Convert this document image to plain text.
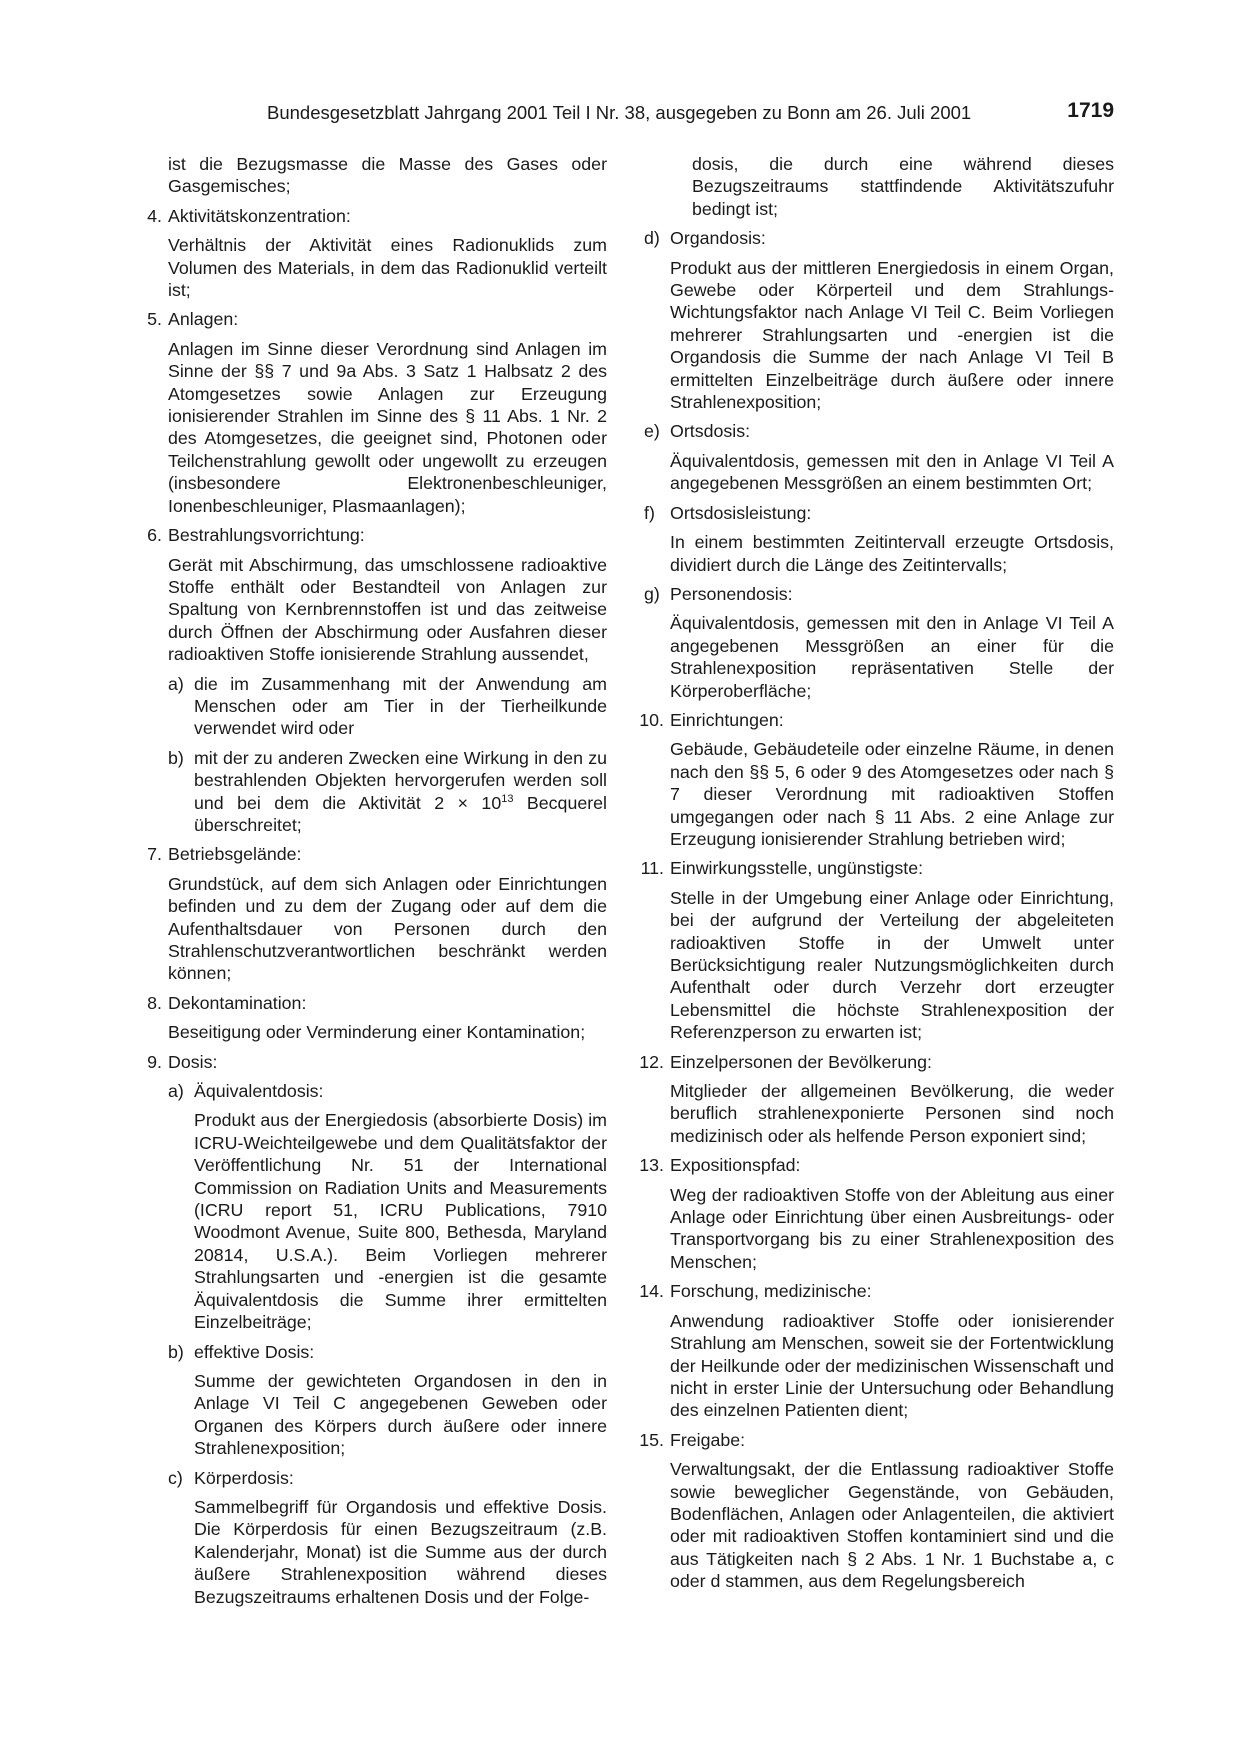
Bundesgesetzblatt Jahrgang 2001 Teil I Nr. 38, ausgegeben zu Bonn am 26. Juli 2001	1719
ist die Bezugsmasse die Masse des Gases oder Gasgemisches;
4. Aktivitätskonzentration:
Verhältnis der Aktivität eines Radionuklids zum Volumen des Materials, in dem das Radionuklid verteilt ist;
5. Anlagen:
Anlagen im Sinne dieser Verordnung sind Anlagen im Sinne der §§ 7 und 9a Abs. 3 Satz 1 Halbsatz 2 des Atomgesetzes sowie Anlagen zur Erzeugung ionisierender Strahlen im Sinne des § 11 Abs. 1 Nr. 2 des Atomgesetzes, die geeignet sind, Photonen oder Teilchenstrahlung gewollt oder ungewollt zu erzeugen (insbesondere Elektronenbeschleuniger, Ionenbeschleuniger, Plasmaanlagen);
6. Bestrahlungsvorrichtung:
Gerät mit Abschirmung, das umschlossene radioaktive Stoffe enthält oder Bestandteil von Anlagen zur Spaltung von Kernbrennstoffen ist und das zeitweise durch Öffnen der Abschirmung oder Ausfahren dieser radioaktiven Stoffe ionisierende Strahlung aussendet,
a) die im Zusammenhang mit der Anwendung am Menschen oder am Tier in der Tierheilkunde verwendet wird oder
b) mit der zu anderen Zwecken eine Wirkung in den zu bestrahlenden Objekten hervorgerufen werden soll und bei dem die Aktivität $2 \times 10^{13}$ Becquerel überschreitet;
7. Betriebsgelände:
Grundstück, auf dem sich Anlagen oder Einrichtungen befinden und zu dem der Zugang oder auf dem die Aufenthaltsdauer von Personen durch den Strahlenschutzverantwortlichen beschränkt werden können;
8. Dekontamination:
Beseitigung oder Verminderung einer Kontamination;
9. Dosis:
a) Äquivalentdosis:
Produkt aus der Energiedosis (absorbierte Dosis) im ICRU-Weichteilgewebe und dem Qualitätsfaktor der Veröffentlichung Nr. 51 der International Commission on Radiation Units and Measurements (ICRU report 51, ICRU Publications, 7910 Woodmont Avenue, Suite 800, Bethesda, Maryland 20814, U.S.A.). Beim Vorliegen mehrerer Strahlungsarten und -energien ist die gesamte Äquivalentdosis die Summe ihrer ermittelten Einzelbeiträge;
b) effektive Dosis:
Summe der gewichteten Organdosen in den in Anlage VI Teil C angegebenen Geweben oder Organen des Körpers durch äußere oder innere Strahlenexposition;
c) Körperdosis:
Sammelbegriff für Organdosis und effektive Dosis. Die Körperdosis für einen Bezugszeitraum (z.B. Kalenderjahr, Monat) ist die Summe aus der durch äußere Strahlenexposition während dieses Bezugszeitraums erhaltenen Dosis und der Folge-
dosis, die durch eine während dieses Bezugszeitraums stattfindende Aktivitätszufuhr bedingt ist;
d) Organdosis:
Produkt aus der mittleren Energiedosis in einem Organ, Gewebe oder Körperteil und dem Strahlungs-Wichtungsfaktor nach Anlage VI Teil C. Beim Vorliegen mehrerer Strahlungsarten und -energien ist die Organdosis die Summe der nach Anlage VI Teil B ermittelten Einzelbeiträge durch äußere oder innere Strahlenexposition;
e) Ortsdosis:
Äquivalentdosis, gemessen mit den in Anlage VI Teil A angegebenen Messgrößen an einem bestimmten Ort;
f) Ortsdosisleistung:
In einem bestimmten Zeitintervall erzeugte Ortsdosis, dividiert durch die Länge des Zeitintervalls;
g) Personendosis:
Äquivalentdosis, gemessen mit den in Anlage VI Teil A angegebenen Messgrößen an einer für die Strahlenexposition repräsentativen Stelle der Körperoberfläche;
10. Einrichtungen:
Gebäude, Gebäudeteile oder einzelne Räume, in denen nach den §§ 5, 6 oder 9 des Atomgesetzes oder nach § 7 dieser Verordnung mit radioaktiven Stoffen umgegangen oder nach § 11 Abs. 2 eine Anlage zur Erzeugung ionisierender Strahlung betrieben wird;
11. Einwirkungsstelle, ungünstigste:
Stelle in der Umgebung einer Anlage oder Einrichtung, bei der aufgrund der Verteilung der abgeleiteten radioaktiven Stoffe in der Umwelt unter Berücksichtigung realer Nutzungsmöglichkeiten durch Aufenthalt oder durch Verzehr dort erzeugter Lebensmittel die höchste Strahlenexposition der Referenzperson zu erwarten ist;
12. Einzelpersonen der Bevölkerung:
Mitglieder der allgemeinen Bevölkerung, die weder beruflich strahlenexponierte Personen sind noch medizinisch oder als helfende Person exponiert sind;
13. Expositionspfad:
Weg der radioaktiven Stoffe von der Ableitung aus einer Anlage oder Einrichtung über einen Ausbreitungs- oder Transportvorgang bis zu einer Strahlenexposition des Menschen;
14. Forschung, medizinische:
Anwendung radioaktiver Stoffe oder ionisierender Strahlung am Menschen, soweit sie der Fortentwicklung der Heilkunde oder der medizinischen Wissenschaft und nicht in erster Linie der Untersuchung oder Behandlung des einzelnen Patienten dient;
15. Freigabe:
Verwaltungsakt, der die Entlassung radioaktiver Stoffe sowie beweglicher Gegenstände, von Gebäuden, Bodenflächen, Anlagen oder Anlagenteilen, die aktiviert oder mit radioaktiven Stoffen kontaminiert sind und die aus Tätigkeiten nach § 2 Abs. 1 Nr. 1 Buchstabe a, c oder d stammen, aus dem Regelungsbereich
